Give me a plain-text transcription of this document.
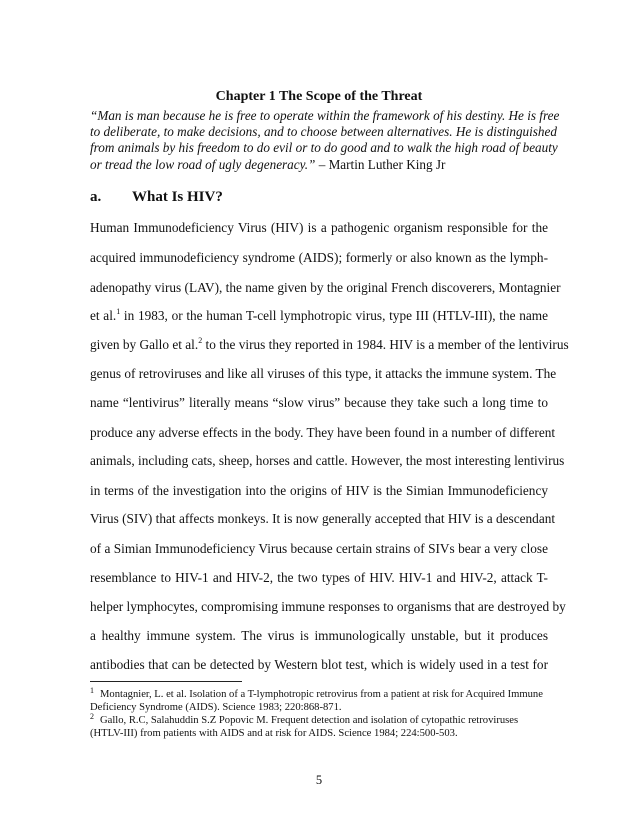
Chapter 1 The Scope of the Threat
“Man is man because he is free to operate within the framework of his destiny. He is free to deliberate, to make decisions, and to choose between alternatives. He is distinguished from animals by his freedom to do evil or to do good and to walk the high road of beauty or tread the low road of ugly degeneracy.” – Martin Luther King Jr
a. What Is HIV?
Human Immunodeficiency Virus (HIV) is a pathogenic organism responsible for the
acquired immunodeficiency syndrome (AIDS); formerly or also known as the lymph-
adenopathy virus (LAV), the name given by the original French discoverers, Montagnier
et al.$^1$ in 1983, or the human T-cell lymphotropic virus, type III (HTLV-III), the name
given by Gallo et al.$^2$ to the virus they reported in 1984. HIV is a member of the lentivirus
genus of retroviruses and like all viruses of this type, it attacks the immune system. The
name “lentivirus” literally means “slow virus” because they take such a long time to
produce any adverse effects in the body. They have been found in a number of different
animals, including cats, sheep, horses and cattle. However, the most interesting lentivirus
in terms of the investigation into the origins of HIV is the Simian Immunodeficiency
Virus (SIV) that affects monkeys. It is now generally accepted that HIV is a descendant
of a Simian Immunodeficiency Virus because certain strains of SIVs bear a very close
resemblance to HIV-1 and HIV-2, the two types of HIV. HIV-1 and HIV-2, attack T-
helper lymphocytes, compromising immune responses to organisms that are destroyed by
a healthy immune system. The virus is immunologically unstable, but it produces
antibodies that can be detected by Western blot test, which is widely used in a test for
$^1$ Montagnier, L. et al. Isolation of a T-lymphotropic retrovirus from a patient at risk for Acquired Immune Deficiency Syndrome (AIDS). Science 1983; 220:868-871.
$^2$ Gallo, R.C, Salahuddin S.Z Popovic M. Frequent detection and isolation of cytopathic retroviruses (HTLV-III) from patients with AIDS and at risk for AIDS. Science 1984; 224:500-503.
5
